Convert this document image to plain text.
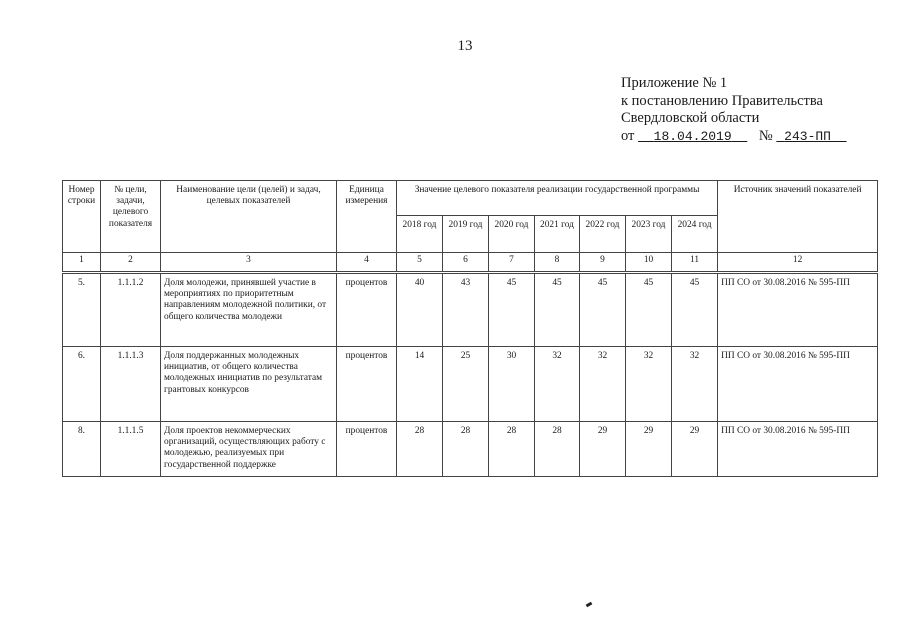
13
Приложение № 1
к постановлению Правительства
Свердловской области
от 18.04.2019 № 243-ПП
Номер строки	№ цели, задачи, целевого показателя	Наименование цели (целей) и задач, целевых показателей	Единица измерения	Значение целевого показателя реализации государственной программы							Источник значений показателей
				2018 год	2019 год	2020 год	2021 год	2022 год	2023 год	2024 год	
1	2	3	4	5	6	7	8	9	10	11	12
5.	1.1.1.2	Доля молодежи, принявшей участие в мероприятиях по приоритетным направлениям молодежной политики, от общего количества молодежи	процентов	40	43	45	45	45	45	45	ПП СО от 30.08.2016 № 595-ПП
6.	1.1.1.3	Доля поддержанных молодежных инициатив, от общего количества молодежных инициатив по результатам грантовых конкурсов	процентов	14	25	30	32	32	32	32	ПП СО от 30.08.2016 № 595-ПП
8.	1.1.1.5	Доля проектов некоммерческих организаций, осуществляющих работу с молодежью, реализуемых при государственной поддержке	процентов	28	28	28	28	29	29	29	ПП СО от 30.08.2016 № 595-ПП
